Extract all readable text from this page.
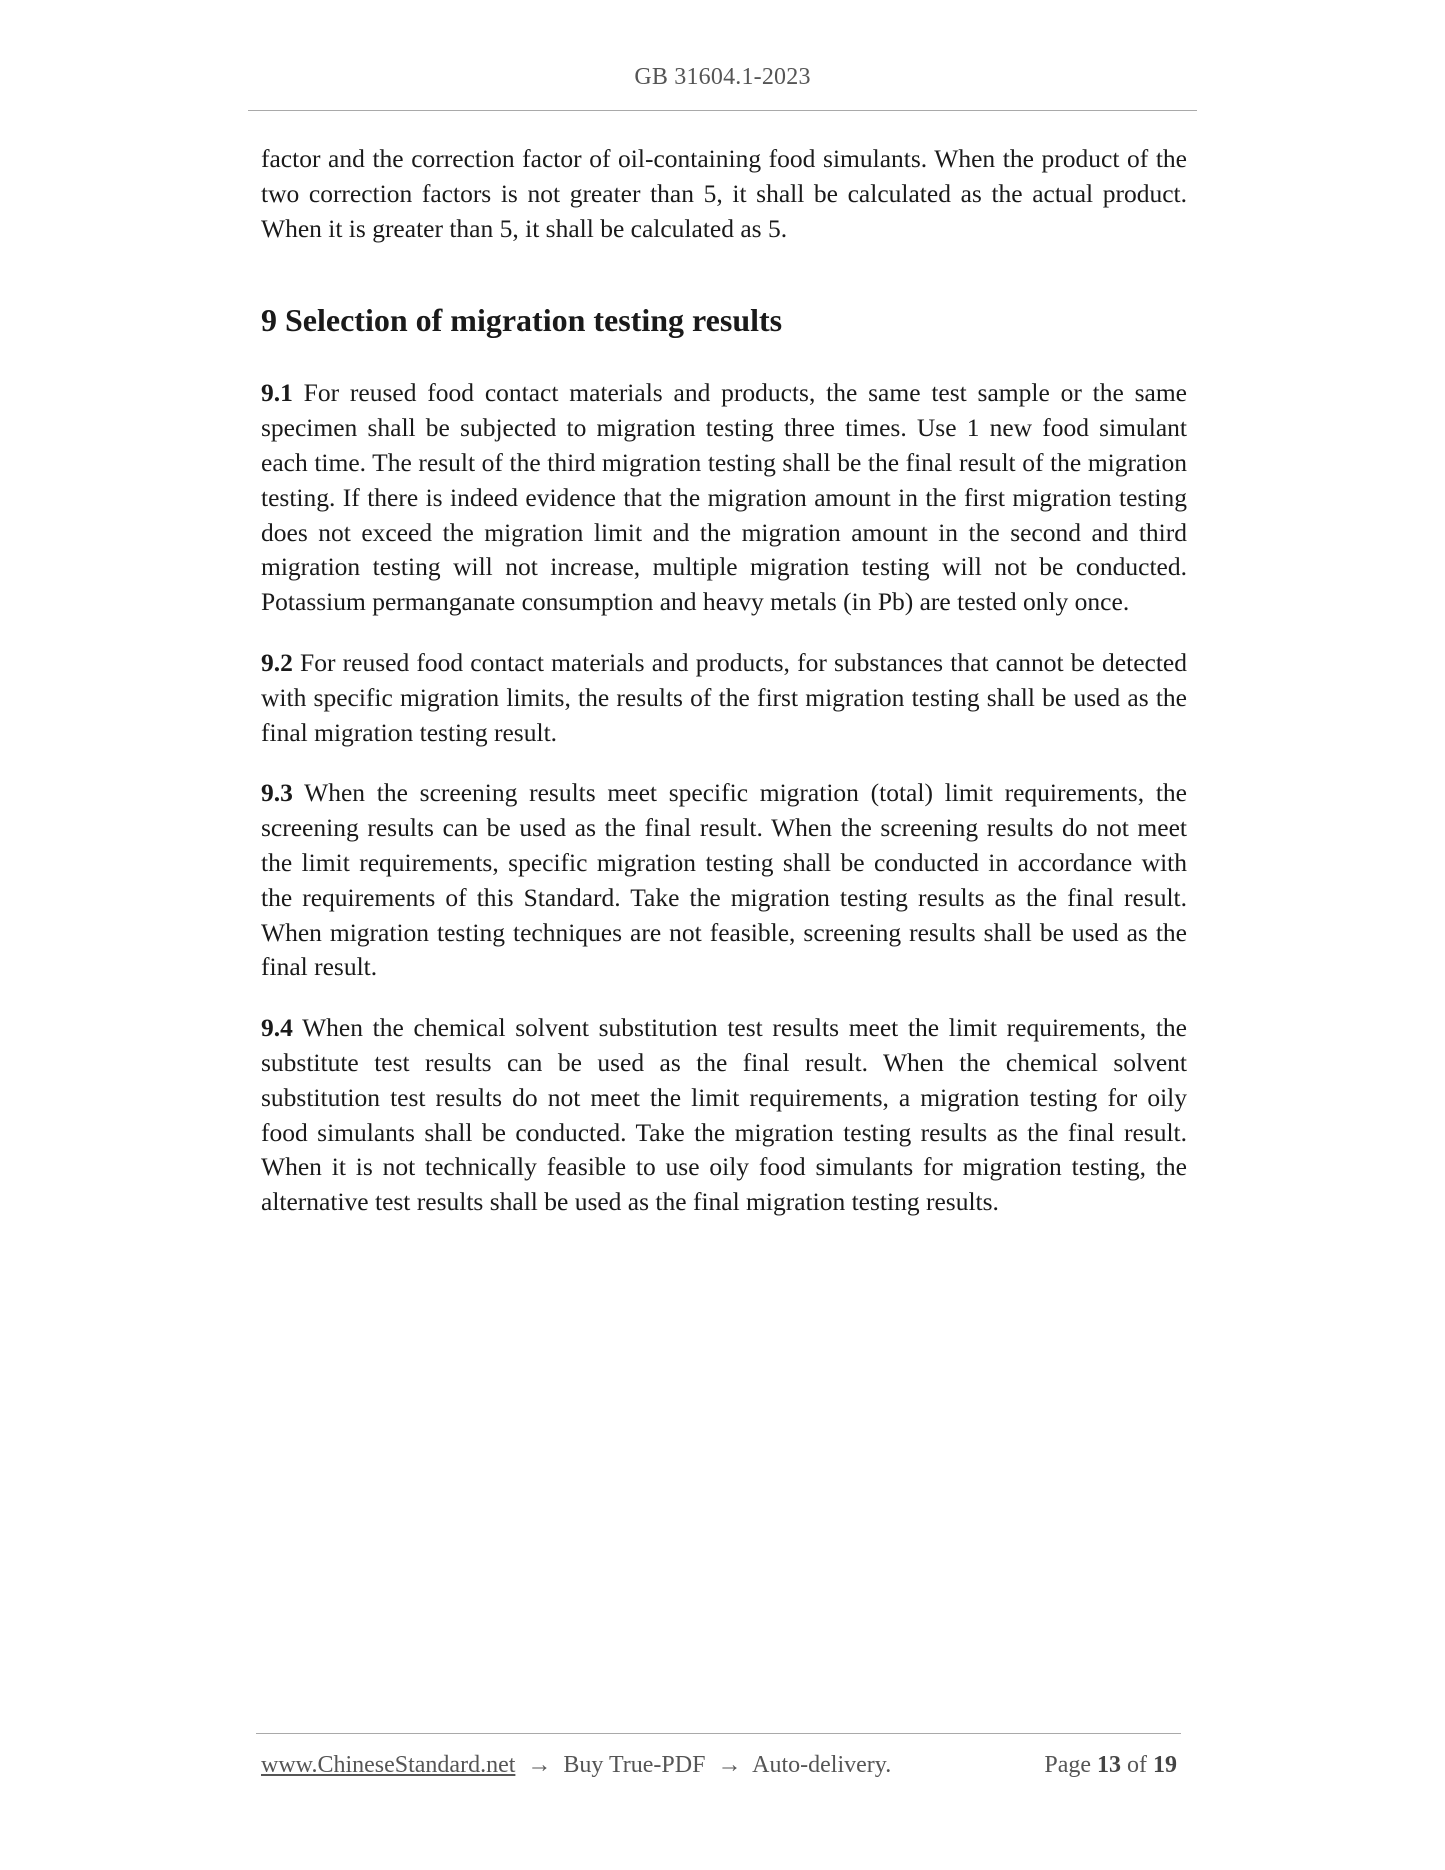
GB 31604.1-2023

factor and the correction factor of oil-containing food simulants. When the product of the two correction factors is not greater than 5, it shall be calculated as the actual product. When it is greater than 5, it shall be calculated as 5.

9 Selection of migration testing results

9.1 For reused food contact materials and products, the same test sample or the same specimen shall be subjected to migration testing three times. Use 1 new food simulant each time. The result of the third migration testing shall be the final result of the migration testing. If there is indeed evidence that the migration amount in the first migration testing does not exceed the migration limit and the migration amount in the second and third migration testing will not increase, multiple migration testing will not be conducted. Potassium permanganate consumption and heavy metals (in Pb) are tested only once.

9.2 For reused food contact materials and products, for substances that cannot be detected with specific migration limits, the results of the first migration testing shall be used as the final migration testing result.

9.3 When the screening results meet specific migration (total) limit requirements, the screening results can be used as the final result. When the screening results do not meet the limit requirements, specific migration testing shall be conducted in accordance with the requirements of this Standard. Take the migration testing results as the final result. When migration testing techniques are not feasible, screening results shall be used as the final result.

9.4 When the chemical solvent substitution test results meet the limit requirements, the substitute test results can be used as the final result. When the chemical solvent substitution test results do not meet the limit requirements, a migration testing for oily food simulants shall be conducted. Take the migration testing results as the final result. When it is not technically feasible to use oily food simulants for migration testing, the alternative test results shall be used as the final migration testing results.

www.ChineseStandard.net → Buy True-PDF → Auto-delivery.	Page 13 of 19
